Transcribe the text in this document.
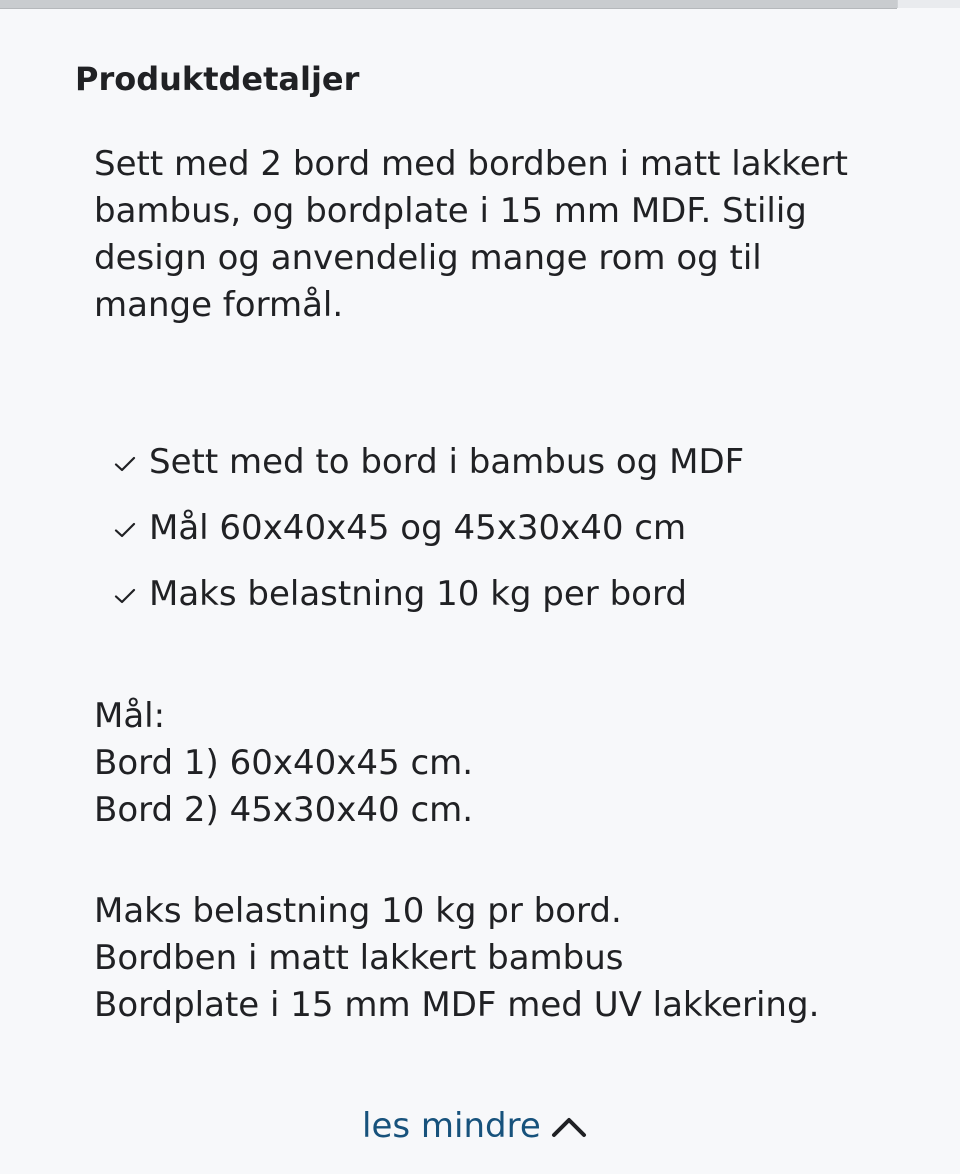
Produktdetaljer

Sett med 2 bord med bordben i matt lakkert bambus, og bordplate i 15 mm MDF. Stilig design og anvendelig mange rom og til mange formål.

Sett med to bord i bambus og MDF
Mål 60x40x45 og 45x30x40 cm
Maks belastning 10 kg per bord
Mål:
Bord 1) 60x40x45 cm.
Bord 2) 45x30x40 cm.
Maks belastning 10 kg pr bord.
Bordben i matt lakkert bambus
Bordplate i 15 mm MDF med UV lakkering.
les mindre
